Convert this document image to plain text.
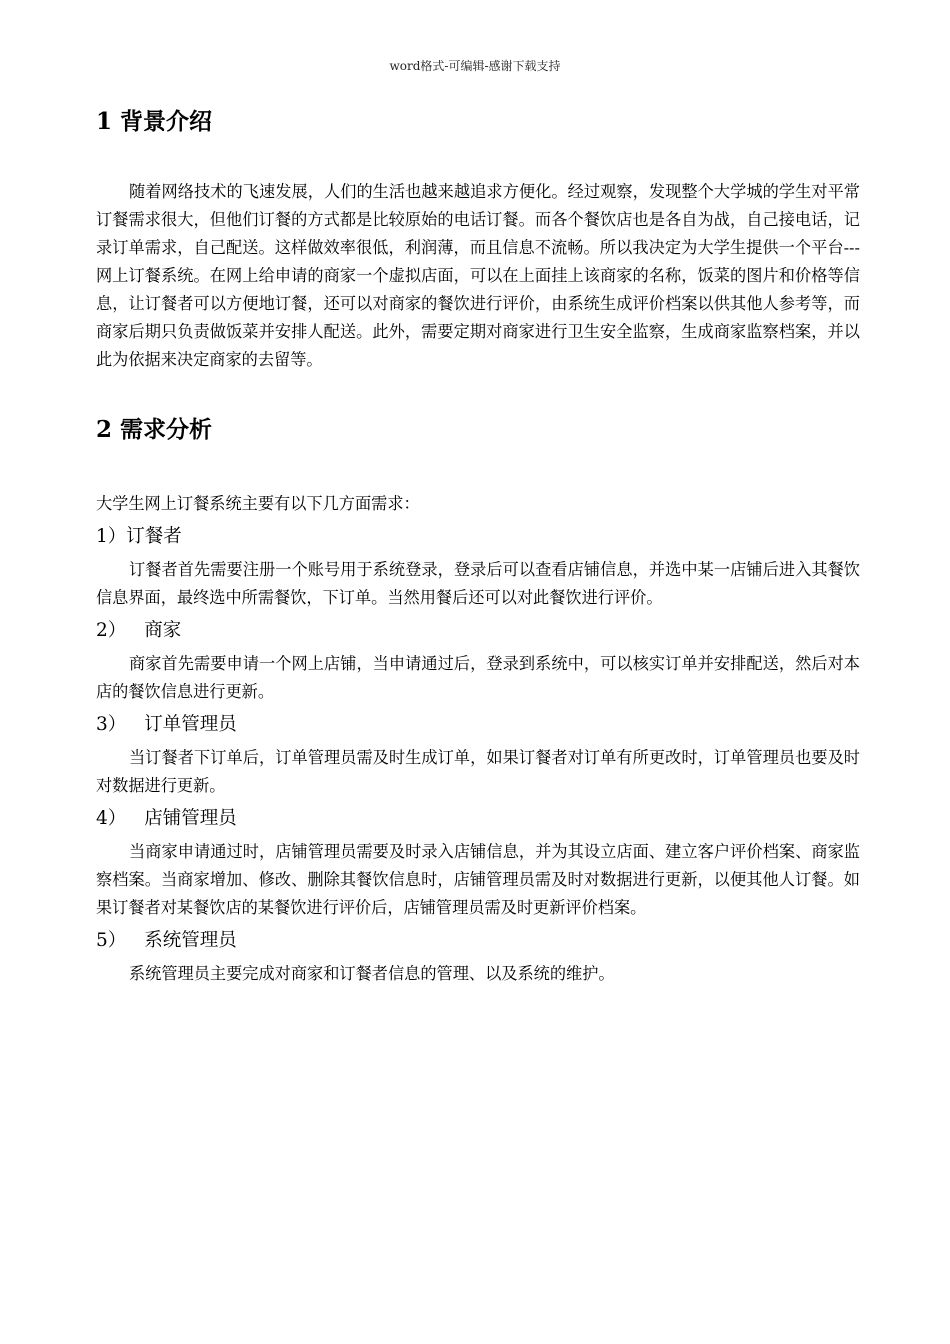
word格式-可编辑-感谢下载支持
1 背景介绍

随着网络技术的飞速发展，人们的生活也越来越追求方便化。经过观察，发现整个大学城的学生对平常订餐需求很大，但他们订餐的方式都是比较原始的电话订餐。而各个餐饮店也是各自为战，自己接电话，记录订单需求，自己配送。这样做效率很低，利润薄，而且信息不流畅。所以我决定为大学生提供一个平台---网上订餐系统。在网上给申请的商家一个虚拟店面，可以在上面挂上该商家的名称，饭菜的图片和价格等信息，让订餐者可以方便地订餐，还可以对商家的餐饮进行评价，由系统生成评价档案以供其他人参考等，而商家后期只负责做饭菜并安排人配送。此外，需要定期对商家进行卫生安全监察，生成商家监察档案，并以此为依据来决定商家的去留等。

2 需求分析

大学生网上订餐系统主要有以下几方面需求：

1）订餐者

订餐者首先需要注册一个账号用于系统登录，登录后可以查看店铺信息，并选中某一店铺后进入其餐饮信息界面，最终选中所需餐饮，下订单。当然用餐后还可以对此餐饮进行评价。

2） 商家

商家首先需要申请一个网上店铺，当申请通过后，登录到系统中，可以核实订单并安排配送，然后对本店的餐饮信息进行更新。

3） 订单管理员

当订餐者下订单后，订单管理员需及时生成订单，如果订餐者对订单有所更改时，订单管理员也要及时对数据进行更新。

4） 店铺管理员

当商家申请通过时，店铺管理员需要及时录入店铺信息，并为其设立店面、建立客户评价档案、商家监察档案。当商家增加、修改、删除其餐饮信息时，店铺管理员需及时对数据进行更新，以便其他人订餐。如果订餐者对某餐饮店的某餐饮进行评价后，店铺管理员需及时更新评价档案。

5） 系统管理员

系统管理员主要完成对商家和订餐者信息的管理、以及系统的维护。
